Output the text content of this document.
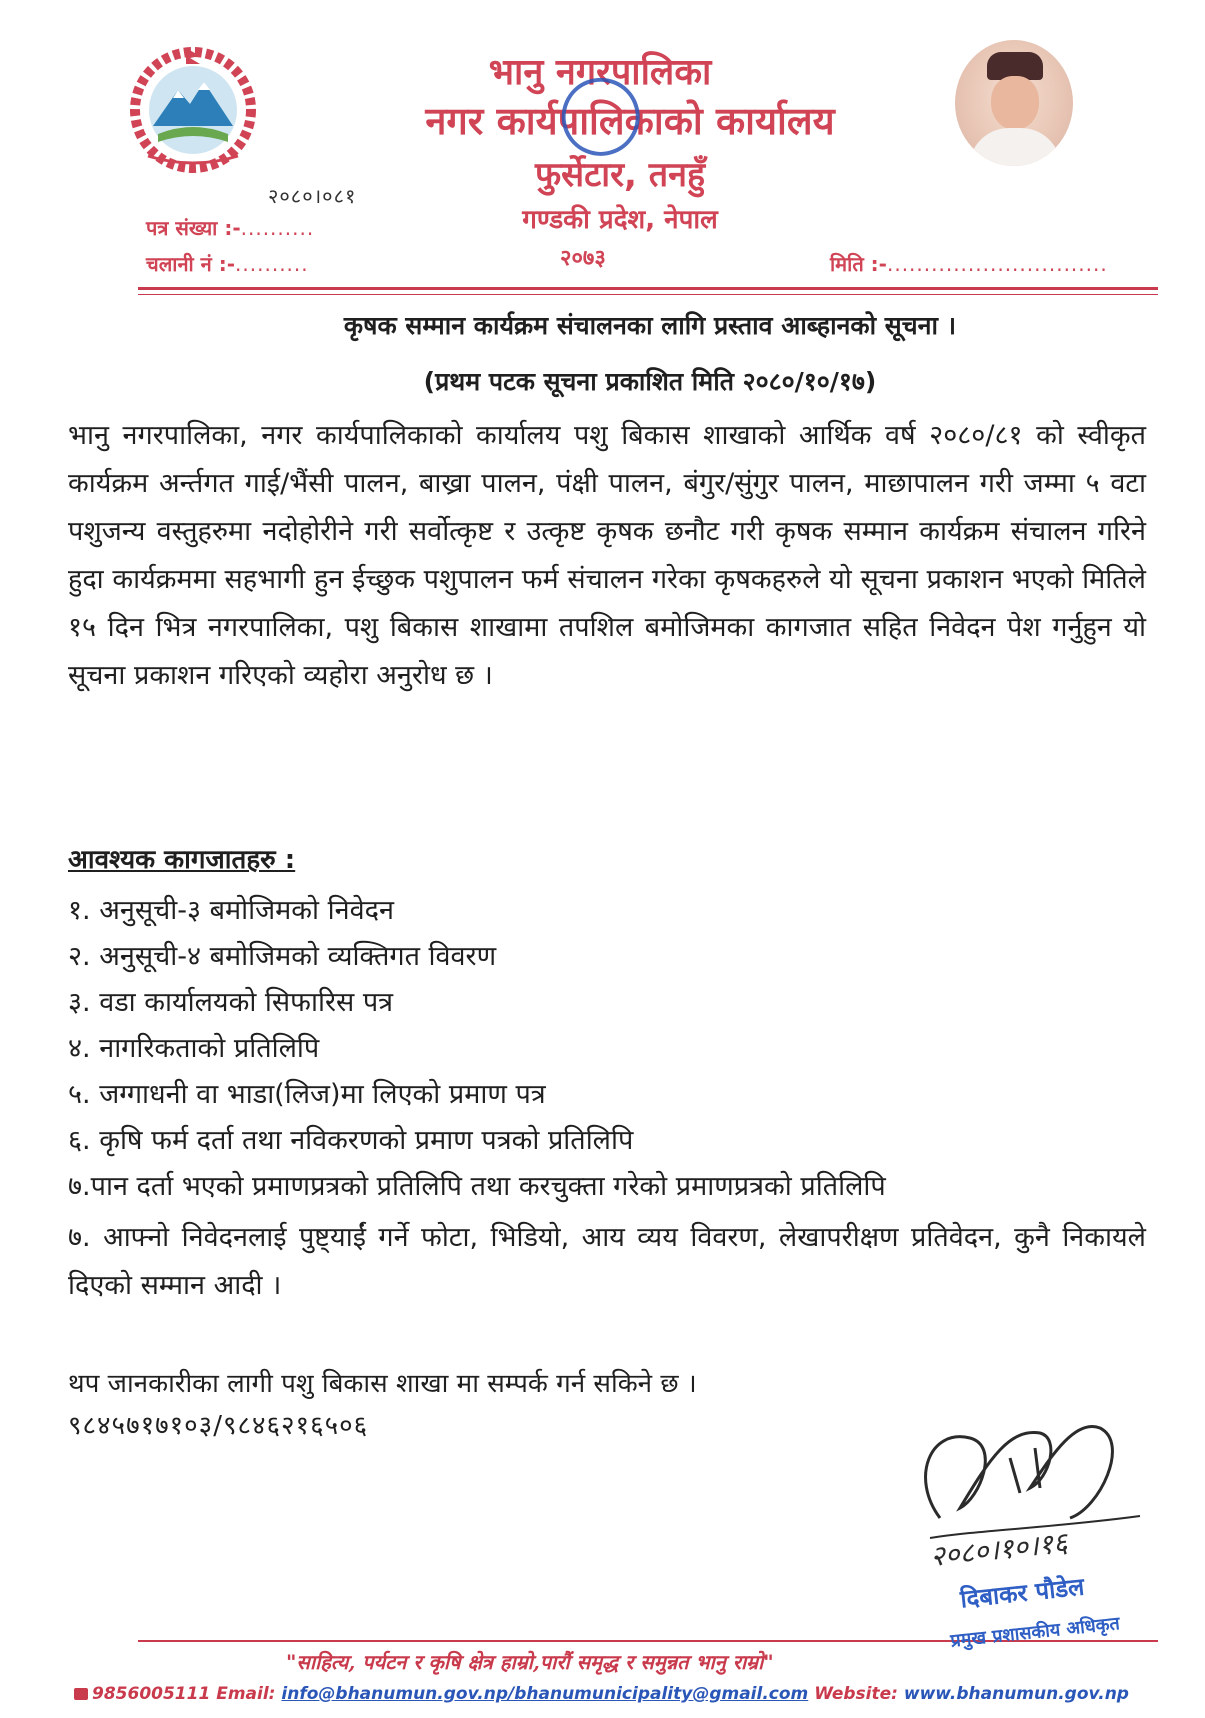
भानु नगरपालिका
नगर कार्यपालिकाको कार्यालय
फुर्सेटार, तनहुँ
गण्डकी प्रदेश, नेपाल
२०७३
२०८०।०८१
पत्र संख्या :-..........
चलानी नं :-..........	मिति :-..............................
कृषक सम्मान कार्यक्रम संचालनका लागि प्रस्ताव आब्हानको सूचना ।
(प्रथम पटक सूचना प्रकाशित मिति २०८०/१०/१७)
भानु नगरपालिका, नगर कार्यपालिकाको कार्यालय पशु बिकास शाखाको आर्थिक वर्ष २०८०/८१ को स्वीकृत कार्यक्रम अर्न्तगत गाई/भैंसी पालन, बाख्रा पालन, पंक्षी पालन, बंगुर/सुंगुर पालन, माछापालन गरी जम्मा ५ वटा पशुजन्य वस्तुहरुमा नदोहोरीने गरी सर्वोत्कृष्ट र उत्कृष्ट कृषक छनौट गरी कृषक सम्मान कार्यक्रम संचालन गरिने हुदा कार्यक्रममा सहभागी हुन ईच्छुक पशुपालन फर्म संचालन गरेका कृषकहरुले यो सूचना प्रकाशन भएको मितिले १५ दिन भित्र नगरपालिका, पशु बिकास शाखामा तपशिल बमोजिमका कागजात सहित निवेदन पेश गर्नुहुन यो सूचना प्रकाशन गरिएको व्यहोरा अनुरोध छ ।
आवश्यक कागजातहरु :
१. अनुसूची-३ बमोजिमको निवेदन
२. अनुसूची-४ बमोजिमको व्यक्तिगत विवरण
३. वडा कार्यालयको सिफारिस पत्र
४. नागरिकताको प्रतिलिपि
५. जग्गाधनी वा भाडा(लिज)मा लिएको प्रमाण पत्र
६. कृषि फर्म दर्ता तथा नविकरणको प्रमाण पत्रको प्रतिलिपि
७.पान दर्ता भएको प्रमाणप्रत्रको प्रतिलिपि तथा करचुक्ता गरेको प्रमाणप्रत्रको प्रतिलिपि
७. आफ्नो निवेदनलाई पुष्ट्याईं गर्ने फोटा, भिडियो, आय व्यय विवरण, लेखापरीक्षण प्रतिवेदन, कुनै निकायले दिएको सम्मान आदी ।
थप जानकारीका लागी पशु बिकास शाखा मा सम्पर्क गर्न सकिने छ ।
९८४५७१७१०३/९८४६२१६५०६
२०८०।१०।१६
दिबाकर पौडेल
"साहित्य, पर्यटन र कृषि क्षेत्र हाम्रो,पारौं समृद्ध र समुन्नत भानु राम्रो"
प्रमुख प्रशासकीय अधिकृत
9856005111 Email: info@bhanumun.gov.np/bhanumunicipality@gmail.com Website: www.bhanumun.gov.np
